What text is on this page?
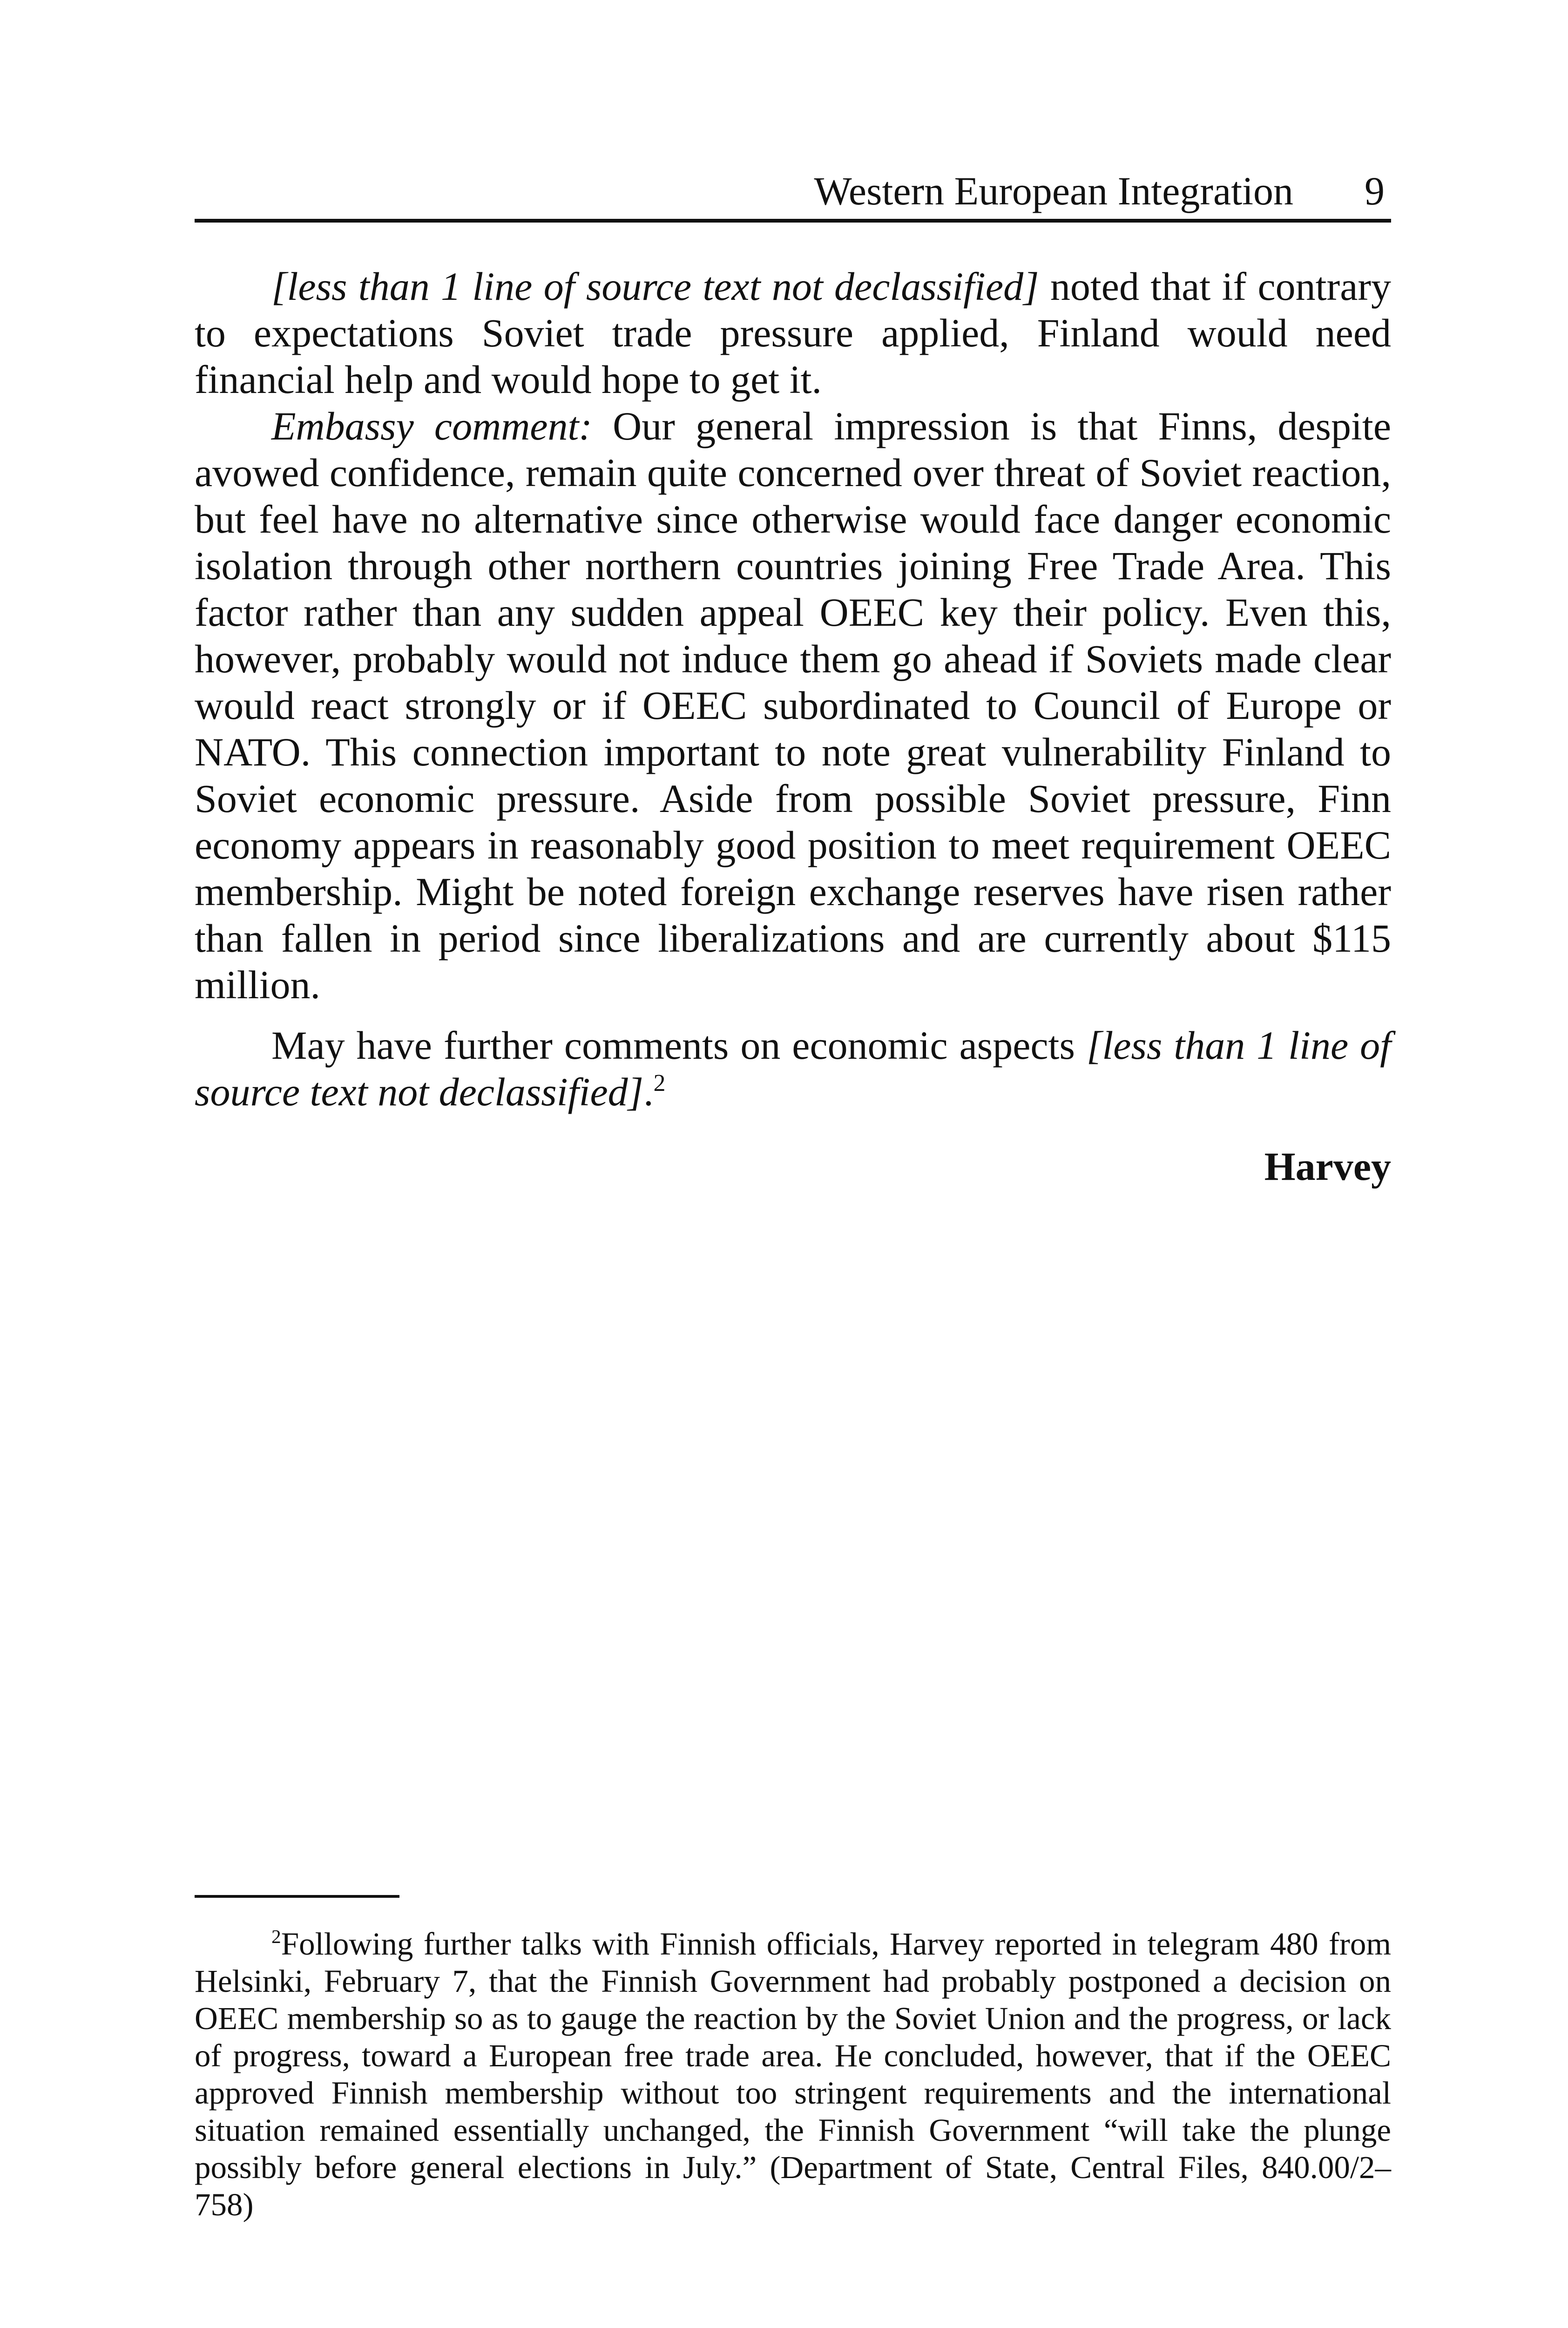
Western European Integration 9

[less than 1 line of source text not declassified] noted that if contrary to expectations Soviet trade pressure applied, Finland would need financial help and would hope to get it.

Embassy comment: Our general impression is that Finns, despite avowed confidence, remain quite concerned over threat of Soviet reaction, but feel have no alternative since otherwise would face danger economic isolation through other northern countries joining Free Trade Area. This factor rather than any sudden appeal OEEC key their policy. Even this, however, probably would not induce them go ahead if Soviets made clear would react strongly or if OEEC subordinated to Council of Europe or NATO. This connection important to note great vulnerability Finland to Soviet economic pressure. Aside from possible Soviet pressure, Finn economy appears in reasonably good position to meet requirement OEEC membership. Might be noted foreign exchange reserves have risen rather than fallen in period since liberalizations and are currently about $115 million.

May have further comments on economic aspects [less than 1 line of source text not declassified].$^2$

Harvey

$^2$Following further talks with Finnish officials, Harvey reported in telegram 480 from Helsinki, February 7, that the Finnish Government had probably postponed a decision on OEEC membership so as to gauge the reaction by the Soviet Union and the progress, or lack of progress, toward a European free trade area. He concluded, however, that if the OEEC approved Finnish membership without too stringent requirements and the international situation remained essentially unchanged, the Finnish Government “will take the plunge possibly before general elections in July.” (Department of State, Central Files, 840.00/2–758)
